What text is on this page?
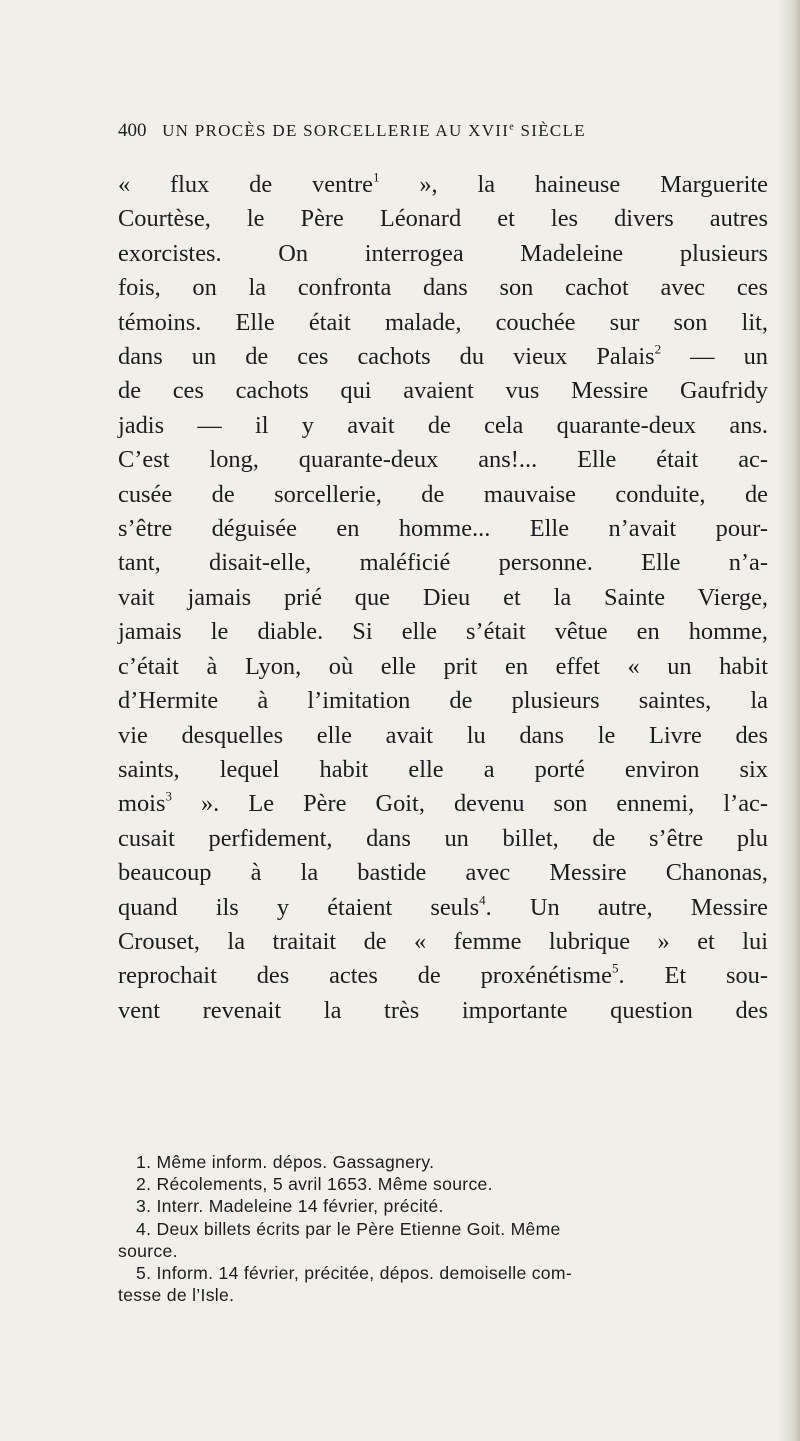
400 UN PROCÈS DE SORCELLERIE AU XVIIe SIÈCLE
« flux de ventre$^1$ », la haineuse Marguerite
Courtèse, le Père Léonard et les divers autres
exorcistes. On interrogea Madeleine plusieurs
fois, on la confronta dans son cachot avec ces
témoins. Elle était malade, couchée sur son lit,
dans un de ces cachots du vieux Palais$^2$ — un
de ces cachots qui avaient vus Messire Gaufridy
jadis — il y avait de cela quarante-deux ans.
C’est long, quarante-deux ans!... Elle était ac-
cusée de sorcellerie, de mauvaise conduite, de
s’être déguisée en homme... Elle n’avait pour-
tant, disait-elle, maléficié personne. Elle n’a-
vait jamais prié que Dieu et la Sainte Vierge,
jamais le diable. Si elle s’était vêtue en homme,
c’était à Lyon, où elle prit en effet « un habit
d’Hermite à l’imitation de plusieurs saintes, la
vie desquelles elle avait lu dans le Livre des
saints, lequel habit elle a porté environ six
mois$^3$ ». Le Père Goit, devenu son ennemi, l’ac-
cusait perfidement, dans un billet, de s’être plu
beaucoup à la bastide avec Messire Chanonas,
quand ils y étaient seuls$^4$. Un autre, Messire
Crouset, la traitait de « femme lubrique » et lui
reprochait des actes de proxénétisme$^5$. Et sou-
vent revenait la très importante question des
1. Même inform. dépos. Gassagnery.
2. Récolements, 5 avril 1653. Même source.
3. Interr. Madeleine 14 février, précité.
4. Deux billets écrits par le Père Etienne Goit. Même
source.
5. Inform. 14 février, précitée, dépos. demoiselle com-
tesse de l’Isle.
